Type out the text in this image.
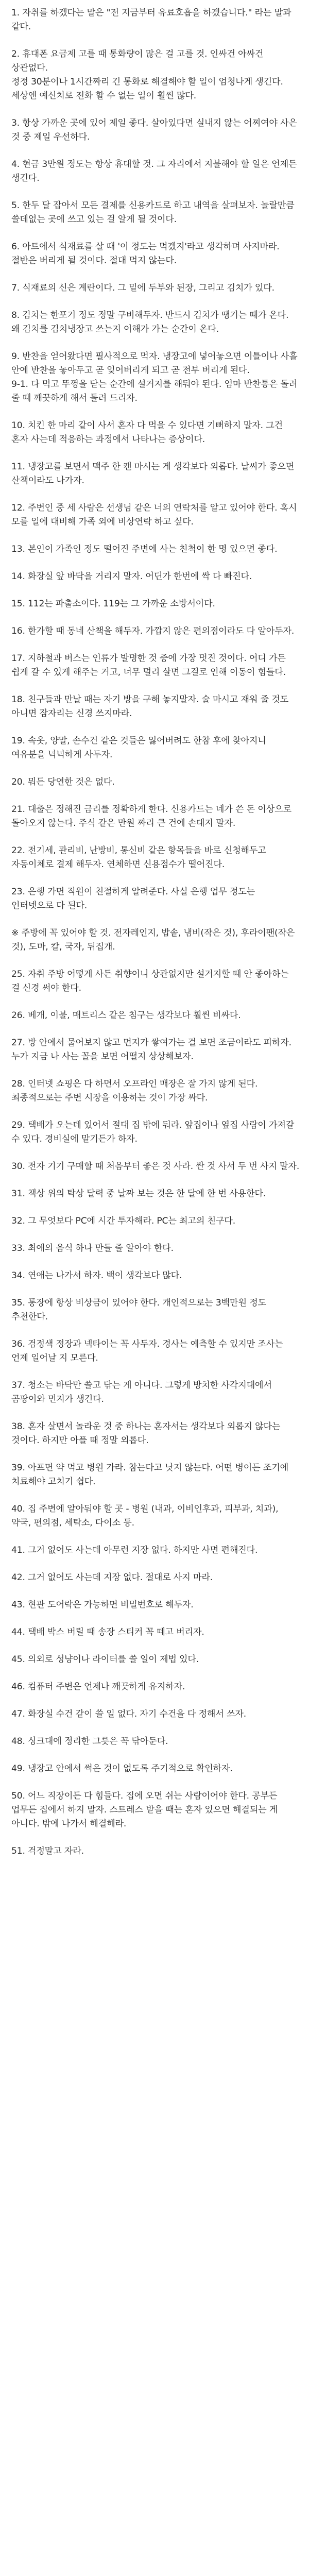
1. 자취를 하겠다는 말은 "전 지금부터 유료호흡을 하겠습니다." 라는 말과 같다.
2. 휴대폰 요금제 고를 때 통화량이 많은 걸 고를 것. 인싸건 아싸건 상관없다.
정정 30분이나 1시간짜리 긴 통화로 해결해야 할 일이 엄청나게 생긴다. 세상엔 예신치로 전화 할 수 없는 일이 훨씬 많다.
3. 항상 가까운 곳에 있어 제일 좋다. 살아있다면 실내지 않는 어찌여야 사은 것 중 제일 우선하다.
4. 현금 3만원 정도는 항상 휴대할 것. 그 자리에서 지불해야 할 일은 언제든 생긴다.
5. 한두 달 잡아서 모든 결제를 신용카드로 하고 내역을 살펴보자. 놀랄만큼 쓸데없는 곳에 쓰고 있는 걸 알게 될 것이다.
6. 아트에서 식재료를 살 때 '이 정도는 먹겠지'라고 생각하며 사지마라. 절반은 버리게 될 것이다. 절대 먹지 않는다.
7. 식재료의 신은 계란이다. 그 밑에 두부와 된장, 그리고 김치가 있다.
8. 김치는 한포기 정도 정말 구비해두자. 반드시 김치가 땡기는 때가 온다. 왜 김치를 김치냉장고 쓰는지 이해가 가는 순간이 온다.
9. 반찬을 얻어왔다면 필사적으로 먹자. 냉장고에 넣어놓으면 이틀이나 사흘 안에 반찬을 놓아두고 곧 잊어버리게 되고 곧 전부 버리게 된다.
9-1. 다 먹고 뚜껑을 닫는 순간에 설거지를 해둬야 된다. 엄마 반찬통은 돌려 줄 때 깨끗하게 해서 돌려 드리자.
10. 치킨 한 마리 같이 사서 혼자 다 먹을 수 있다면 기뻐하지 말자. 그건 혼자 사는데 적응하는 과정에서 나타나는 증상이다.
11. 냉장고를 보면서 맥주 한 캔 마시는 게 생각보다 외롭다. 날씨가 좋으면 산책이라도 나가자.
12. 주변인 중 세 사람은 선생님 같은 너의 연락처를 알고 있어야 한다. 혹시 모를 일에 대비해 가족 외에 비상연락 하고 싶다.
13. 본인이 가족인 정도 떨어진 주변에 사는 친척이 한 명 있으면 좋다.
14. 화장실 앞 바닥을 거리지 말자. 어딘가 한번에 싹 다 빠진다.
15. 112는 파출소이다. 119는 그 가까운 소방서이다.
16. 한가할 때 동네 산책을 해두자. 가깝지 않은 편의점이라도 다 알아두자.
17. 지하철과 버스는 인류가 발명한 것 중에 가장 멋진 것이다. 어디 가든 쉽게 갈 수 있게 해주는 거고, 너무 멀리 살면 그걸로 인해 이동이 힘들다.
18. 친구들과 만날 때는 자기 방을 구해 놓지말자. 술 마시고 재워 줄 것도 아니면 잠자리는 신경 쓰지마라.
19. 속옷, 양말, 손수건 같은 것들은 잃어버려도 한참 후에 찾아지니 여유분을 넉넉하게 사두자.
20. 뭐든 당연한 것은 없다.
21. 대출은 정해진 금리를 정확하게 한다. 신용카드는 네가 쓴 돈 이상으로 돌아오지 않는다. 주식 같은 만원 짜리 큰 건에 손대지 말자.
22. 전기세, 관리비, 난방비, 통신비 같은 항목들을 바로 신청해두고 자동이체로 결제 해두자. 연체하면 신용점수가 떨어진다.
23. 은행 가면 직원이 친절하게 알려준다. 사실 은행 업무 정도는 인터넷으로 다 된다.
※ 주방에 꼭 있어야 할 것. 전자레인지, 밥솥, 냄비(작은 것), 후라이팬(작은 것), 도마, 칼, 국자, 뒤집개.
25. 자취 주방 어떻게 사든 취향이니 상관없지만 설거지할 때 안 좋아하는 걸 신경 써야 한다.
26. 베개, 이불, 매트리스 같은 침구는 생각보다 훨씬 비싸다.
27. 방 안에서 물어보지 않고 먼지가 쌓여가는 걸 보면 조금이라도 피하자. 누가 지금 나 사는 꼴을 보면 어떨지 상상해보자.
28. 인터넷 쇼핑은 다 하면서 오프라인 매장은 잘 가지 않게 된다. 최종적으로는 주변 시장을 이용하는 것이 가장 싸다.
29. 택배가 오는데 있어서 절대 집 밖에 둬라. 앞집이나 옆집 사람이 가져갈 수 있다. 경비실에 맡기든가 하자.
30. 전자 기기 구매할 때 처음부터 좋은 것 사라. 싼 것 사서 두 번 사지 말자.
31. 책상 위의 탁상 달력 중 날짜 보는 것은 한 달에 한 번 사용한다.
32. 그 무엇보다 PC에 시간 투자해라. PC는 최고의 친구다.
33. 최애의 음식 하나 만들 줄 알아야 한다.
34. 연애는 나가서 하자. 백이 생각보다 많다.
35. 통장에 항상 비상금이 있어야 한다. 개인적으로는 3백만원 정도 추천한다.
36. 검정색 정장과 넥타이는 꼭 사두자. 경사는 예측할 수 있지만 조사는 언제 일어날 지 모른다.
37. 청소는 바닥만 쓸고 닦는 게 아니다. 그렇게 방치한 사각지대에서 곰팡이와 먼지가 생긴다.
38. 혼자 살면서 놀라운 것 중 하나는 혼자서는 생각보다 외롭지 않다는 것이다. 하지만 아플 때 정말 외롭다.
39. 아프면 약 먹고 병원 가라. 참는다고 낫지 않는다. 어떤 병이든 조기에 치료해야 고치기 쉽다.
40. 집 주변에 알아둬야 할 곳 - 병원 (내과, 이비인후과, 피부과, 치과), 약국, 편의점, 세탁소, 다이소 등.
41. 그거 없어도 사는데 아무런 지장 없다. 하지만 사면 편해진다.
42. 그거 없어도 사는데 지장 없다. 절대로 사지 마라.
43. 현관 도어락은 가능하면 비밀번호로 해두자.
44. 택배 박스 버릴 때 송장 스티커 꼭 떼고 버리자.
45. 의외로 성냥이나 라이터를 쓸 일이 제법 있다.
46. 컴퓨터 주변은 언제나 깨끗하게 유지하자.
47. 화장실 수건 같이 쓸 일 없다. 자기 수건을 다 정해서 쓰자.
48. 싱크대에 정리한 그릇은 꼭 닦아둔다.
49. 냉장고 안에서 썩은 것이 없도록 주기적으로 확인하자.
50. 어느 직장이든 다 힘들다. 집에 오면 쉬는 사람이어야 한다. 공부든 업무든 집에서 하지 말자. 스트레스 받을 때는 혼자 있으면 해결되는 게 아니다. 밖에 나가서 해결해라.
51. 걱정말고 자라.
